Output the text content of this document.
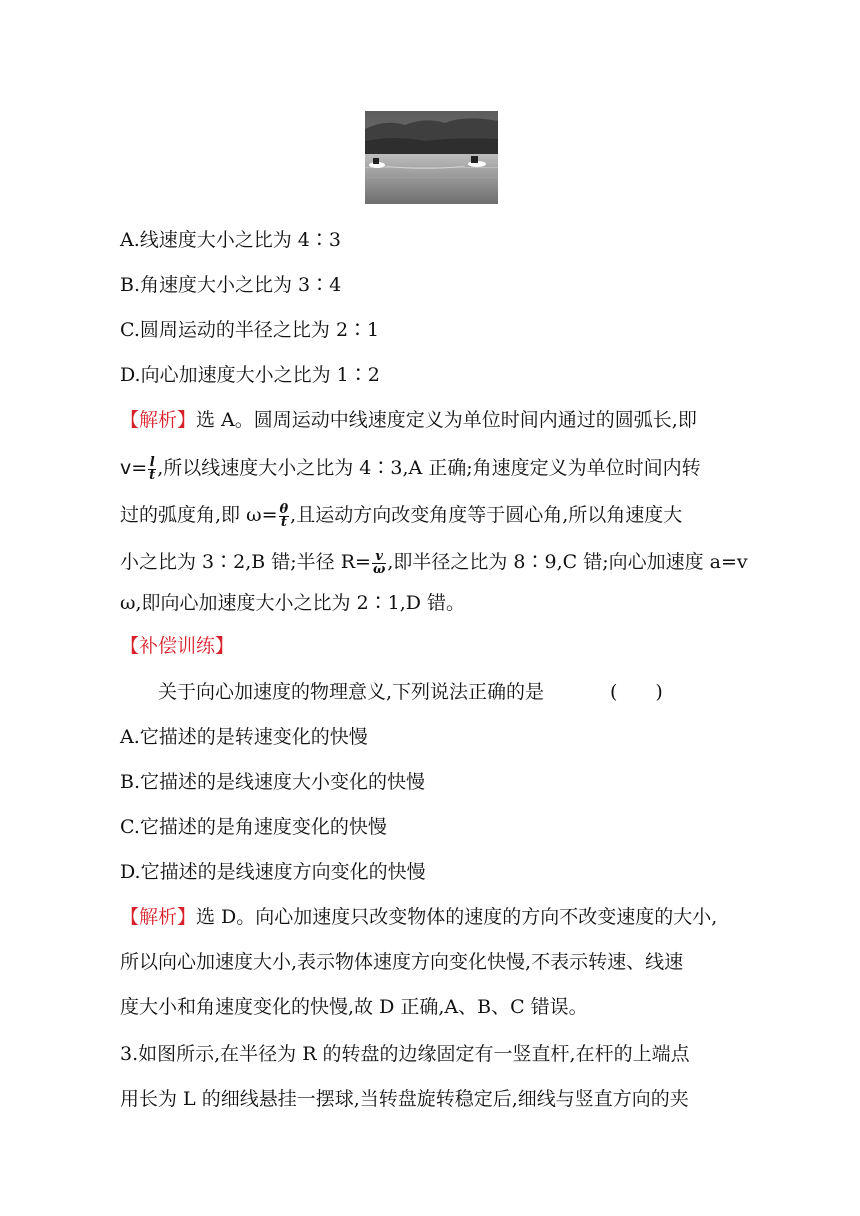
A.线速度大小之比为 4∶3
B.角速度大小之比为 3∶4
C.圆周运动的半径之比为 2∶1
D.向心加速度大小之比为 1∶2
【解析】选 A。圆周运动中线速度定义为单位时间内通过的圆弧长,即
$v= \frac{l}{t}$ ,所以线速度大小之比为 4∶3,A 正确;角速度定义为单位时间内转
过的弧度角,即 $\omega= \frac{\theta}{t}$ ,且运动方向改变角度等于圆心角,所以角速度大
小之比为 3∶2,B 错;半径 $R= \frac{v}{\omega}$ ,即半径之比为 8∶9,C 错;向心加速度 a=v
ω,即向心加速度大小之比为 2∶1,D 错。
【补偿训练】
关于向心加速度的物理意义,下列说法正确的是	(　　)
A.它描述的是转速变化的快慢
B.它描述的是线速度大小变化的快慢
C.它描述的是角速度变化的快慢
D.它描述的是线速度方向变化的快慢
【解析】选 D。向心加速度只改变物体的速度的方向不改变速度的大小,
所以向心加速度大小,表示物体速度方向变化快慢,不表示转速、线速
度大小和角速度变化的快慢,故 D 正确,A、B、C 错误。
3.如图所示,在半径为 R 的转盘的边缘固定有一竖直杆,在杆的上端点
用长为 L 的细线悬挂一摆球,当转盘旋转稳定后,细线与竖直方向的夹
